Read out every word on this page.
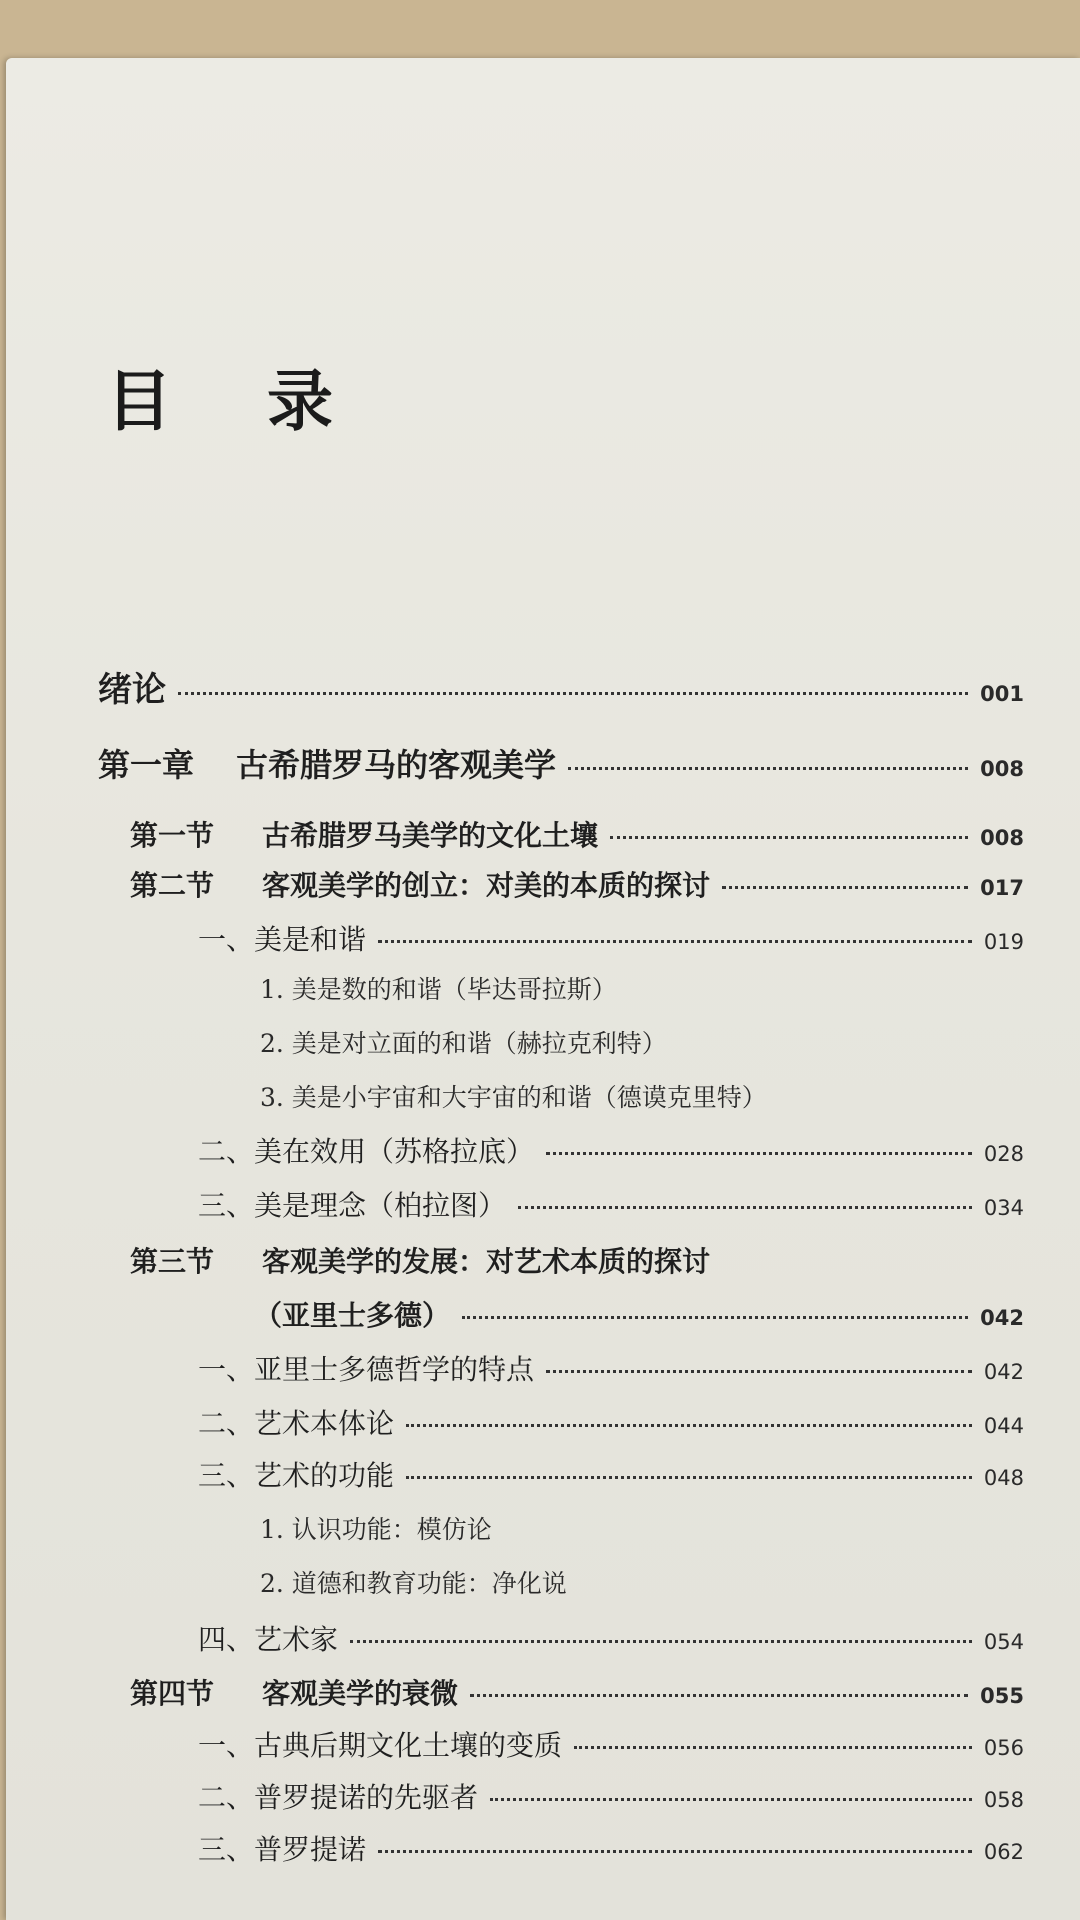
目 录
绪论	001
第一章 古希腊罗马的客观美学	008
第一节 古希腊罗马美学的文化土壤	008
第二节 客观美学的创立：对美的本质的探讨	017
一、美是和谐	019
1. 美是数的和谐（毕达哥拉斯）
2. 美是对立面的和谐（赫拉克利特）
3. 美是小宇宙和大宇宙的和谐（德谟克里特）
二、美在效用（苏格拉底）	028
三、美是理念（柏拉图）	034
第三节 客观美学的发展：对艺术本质的探讨
（亚里士多德）	042
一、亚里士多德哲学的特点	042
二、艺术本体论	044
三、艺术的功能	048
1. 认识功能：模仿论
2. 道德和教育功能：净化说
四、艺术家	054
第四节 客观美学的衰微	055
一、古典后期文化土壤的变质	056
二、普罗提诺的先驱者	058
三、普罗提诺	062
